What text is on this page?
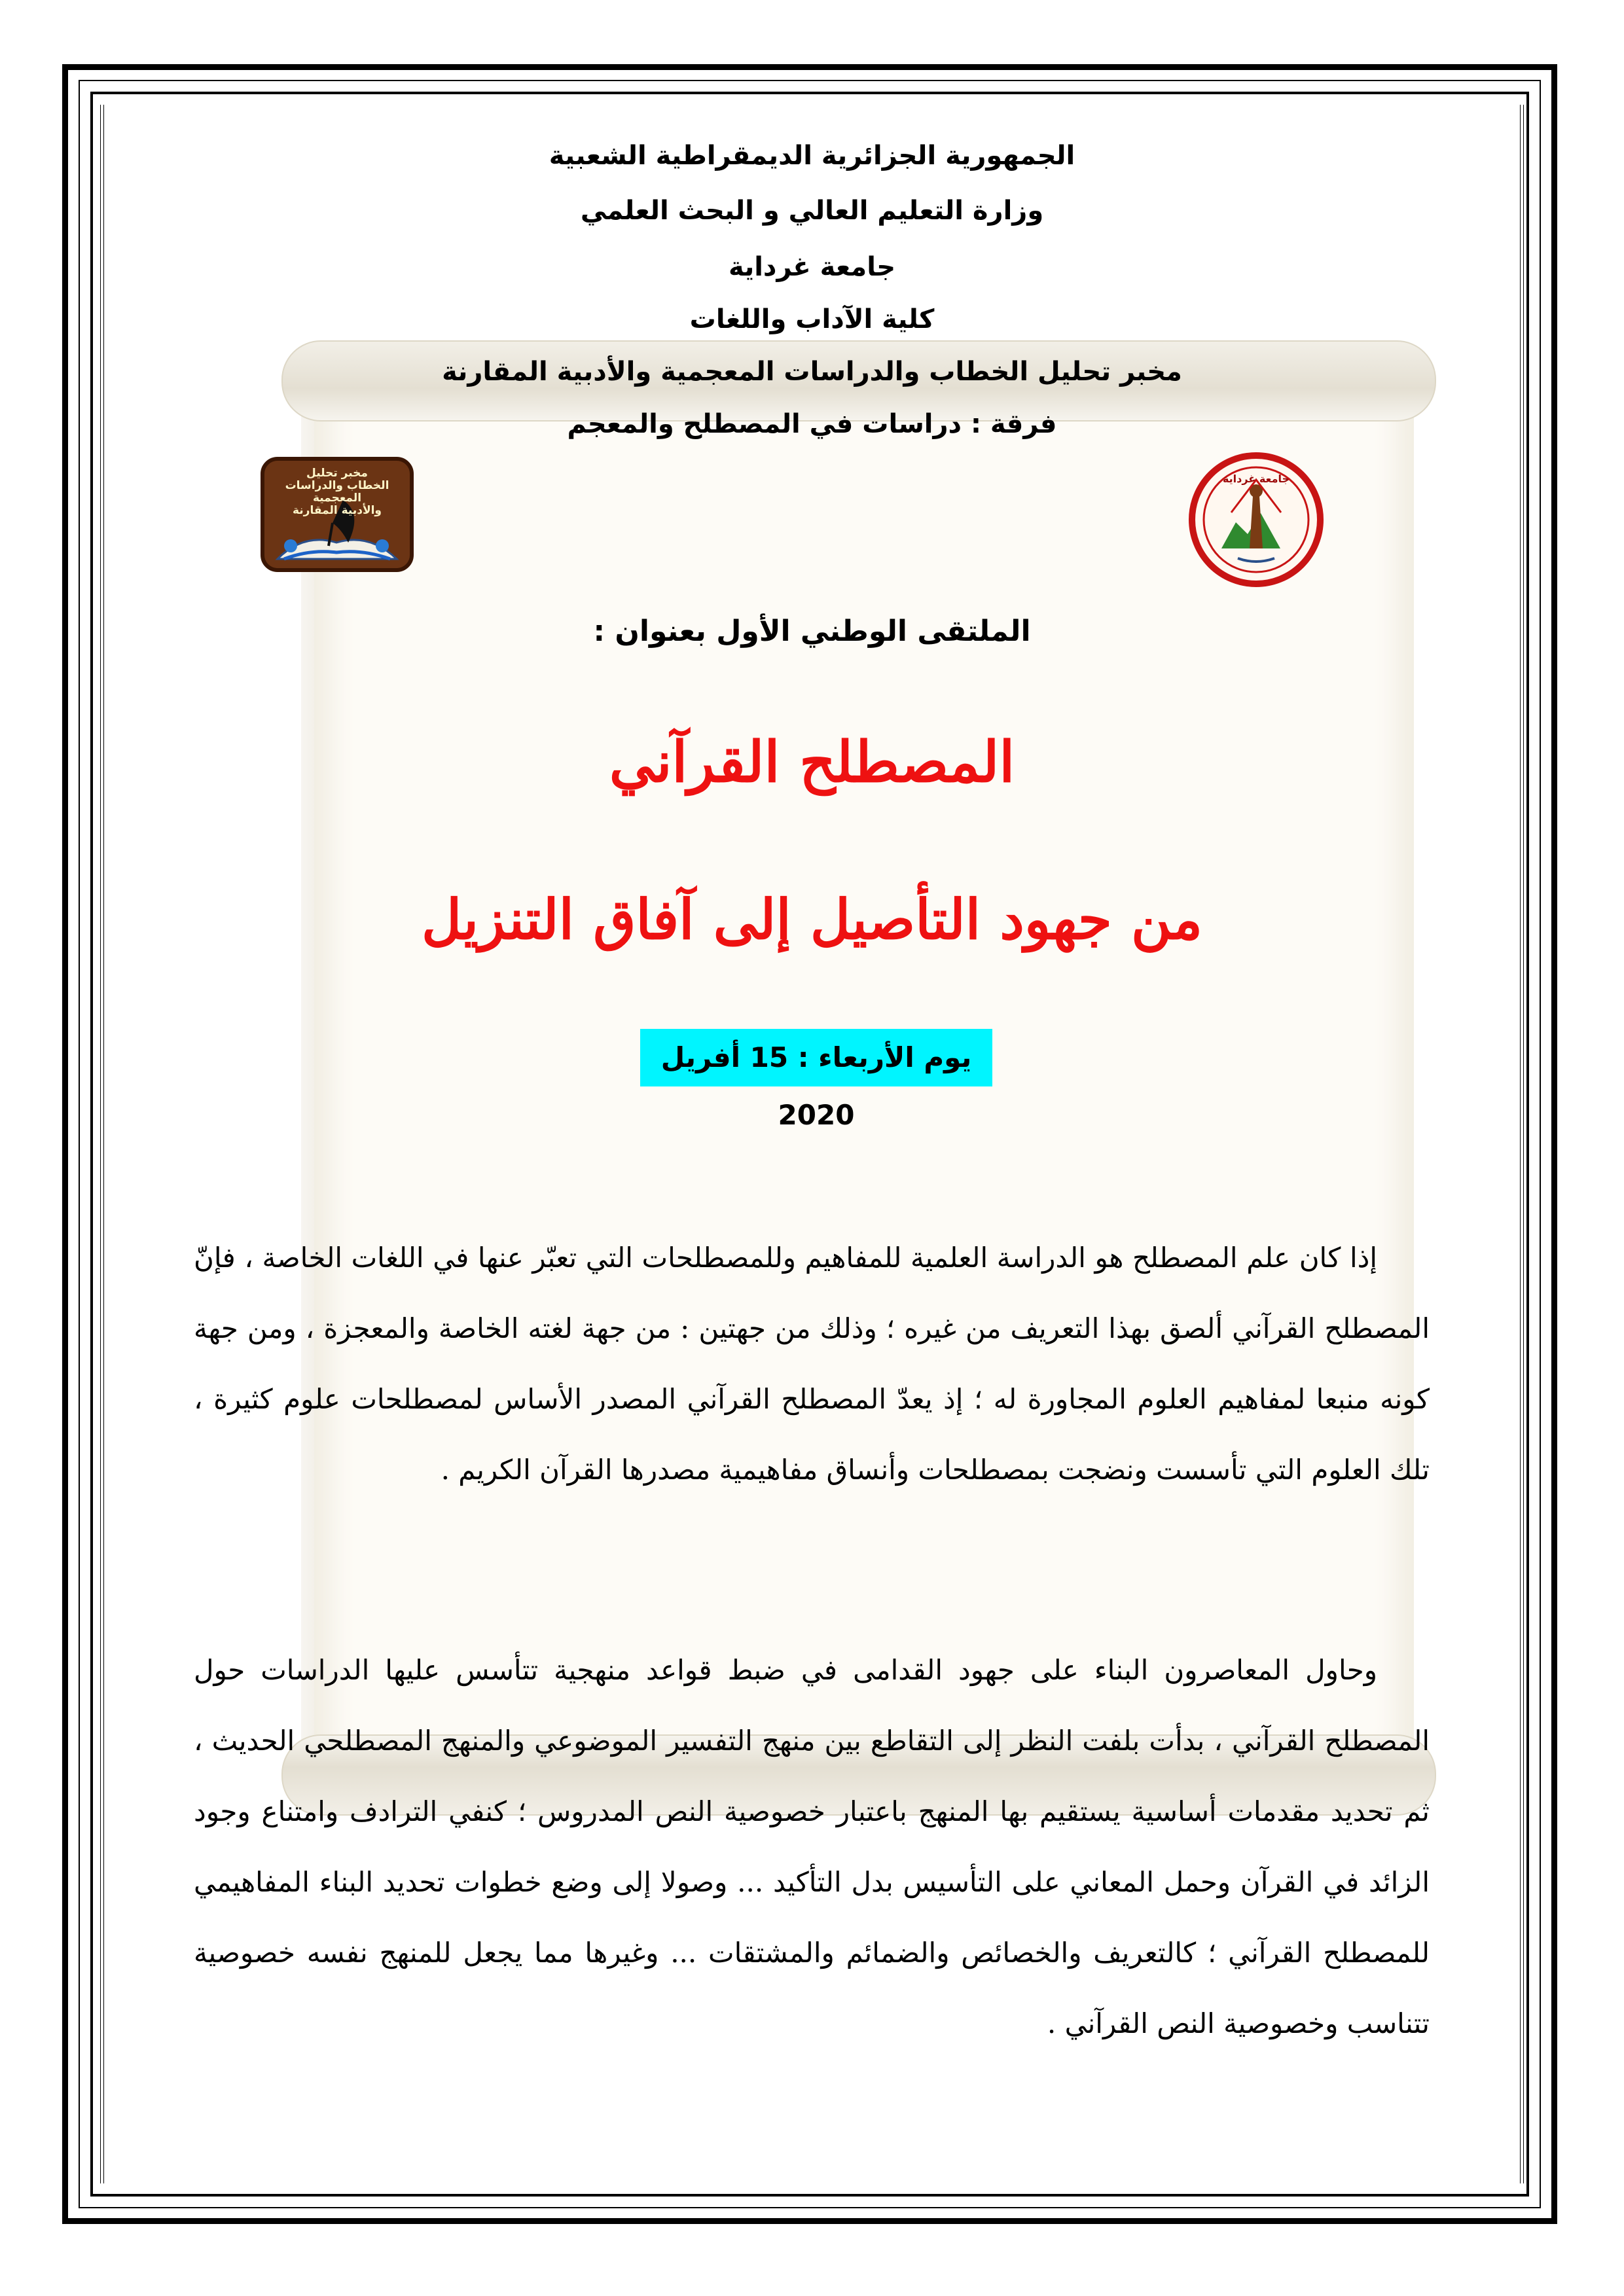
الجمهورية الجزائرية الديمقراطية الشعبية
وزارة التعليم العالي و البحث العلمي
جامعة غرداية
كلية الآداب واللغات
مخبر تحليل الخطاب والدراسات المعجمية والأدبية المقارنة
فرقة : دراسات في المصطلح والمعجم
مخبر تحليل
الخطاب والدراسات
المعجمية
والأدبية المقارنة
جامعة غرداية
الملتقى الوطني الأول بعنوان :
المصطلح القرآني
من جهود التأصيل إلى آفاق التنزيل
يوم الأربعاء : 15 أفريل 2020

إذا كان علم المصطلح هو الدراسة العلمية للمفاهيم وللمصطلحات التي تعبّر عنها في اللغات الخاصة ، فإنّ المصطلح القرآني ألصق بهذا التعريف من غيره ؛ وذلك من جهتين : من جهة لغته الخاصة والمعجزة ، ومن جهة كونه منبعا لمفاهيم العلوم المجاورة له ؛ إذ يعدّ المصطلح القرآني المصدر الأساس لمصطلحات علوم كثيرة ، تلك العلوم التي تأسست ونضجت بمصطلحات وأنساق مفاهيمية مصدرها القرآن الكريم .

وحاول المعاصرون البناء على جهود القدامى في ضبط قواعد منهجية تتأسس عليها الدراسات حول المصطلح القرآني ، بدأت بلفت النظر إلى التقاطع بين منهج التفسير الموضوعي والمنهج المصطلحي الحديث ، ثم تحديد مقدمات أساسية يستقيم بها المنهج باعتبار خصوصية النص المدروس ؛ كنفي الترادف وامتناع وجود الزائد في القرآن وحمل المعاني على التأسيس بدل التأكيد ... وصولا إلى وضع خطوات تحديد البناء المفاهيمي للمصطلح القرآني ؛ كالتعريف والخصائص والضمائم والمشتقات ... وغيرها مما يجعل للمنهج نفسه خصوصية تتناسب وخصوصية النص القرآني .
